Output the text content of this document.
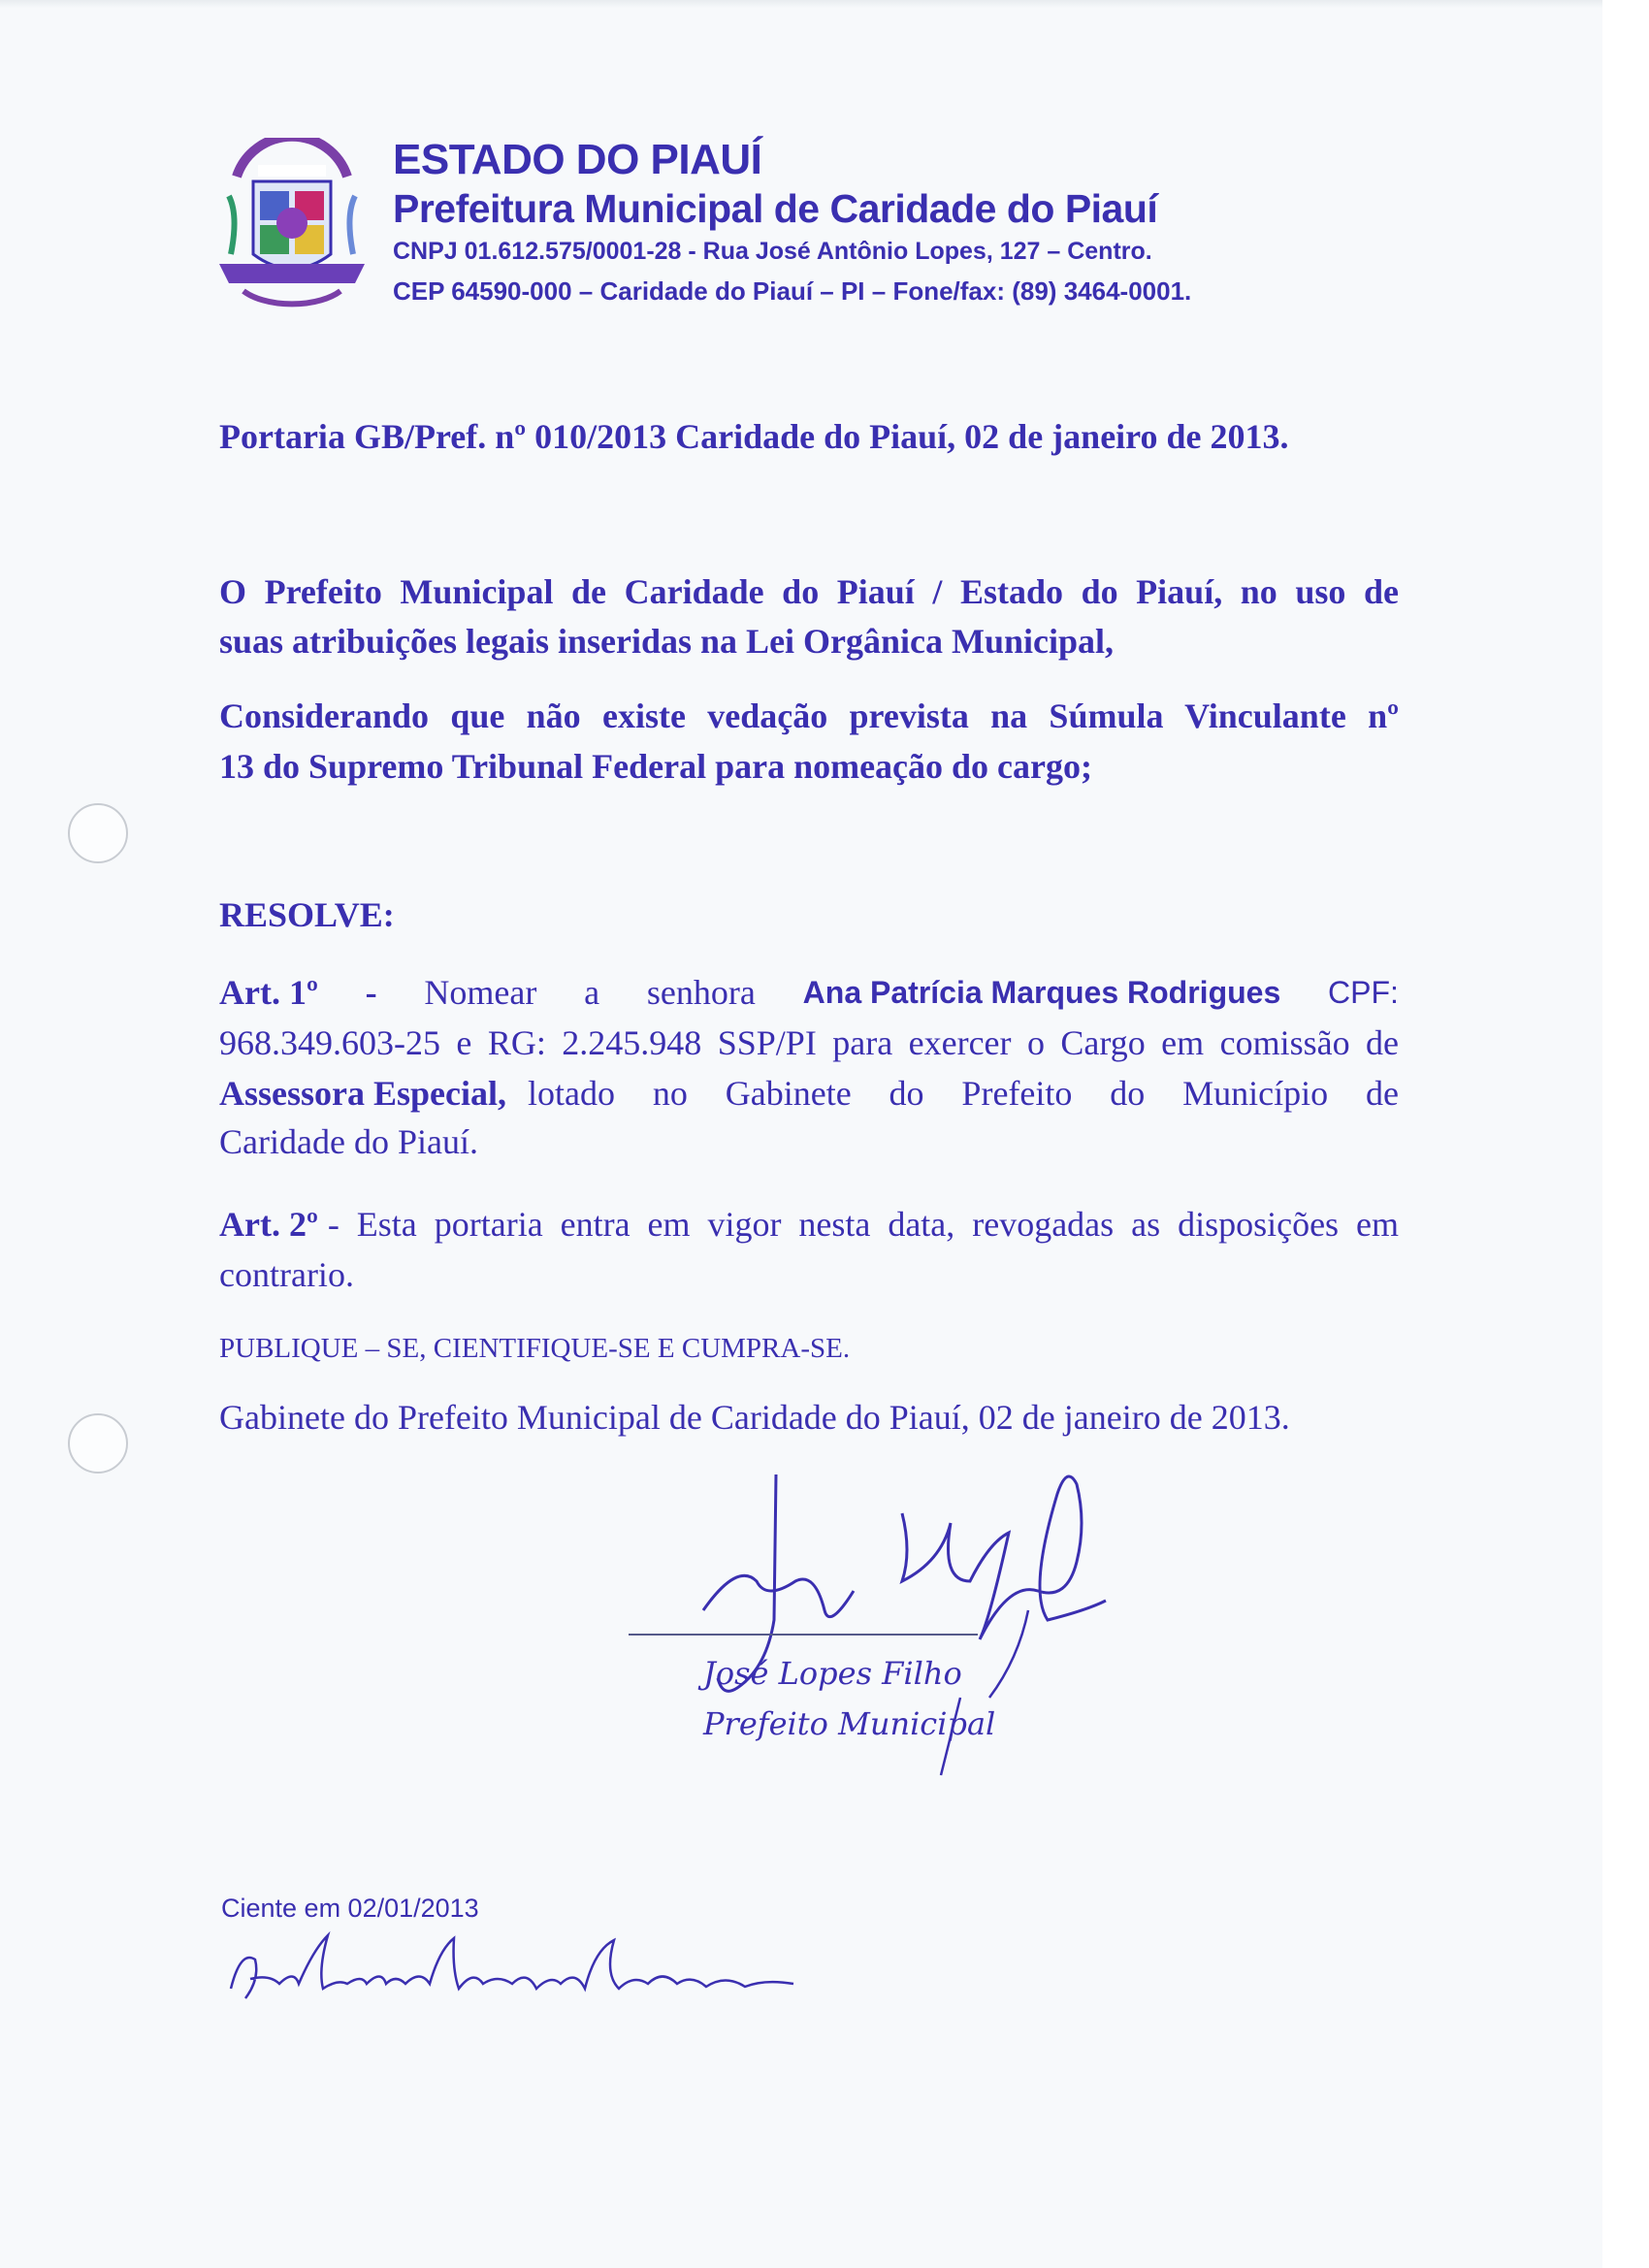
ESTADO DO PIAUÍ
Prefeitura Municipal de Caridade do Piauí
CNPJ 01.612.575/0001-28 - Rua José Antônio Lopes, 127 – Centro.
CEP 64590-000 – Caridade do Piauí – PI – Fone/fax: (89) 3464-0001.
Portaria GB/Pref. nº 010/2013 Caridade do Piauí, 02 de janeiro de 2013.
O Prefeito Municipal de Caridade do Piauí / Estado do Piauí, no uso de
suas atribuições legais inseridas na Lei Orgânica Municipal,
Considerando que não existe vedação prevista na Súmula Vinculante nº
13 do Supremo Tribunal Federal para nomeação do cargo;
RESOLVE:
Art. 1º - Nomear a senhora Ana Patrícia Marques Rodrigues CPF:
968.349.603-25 e RG: 2.245.948 SSP/PI para exercer o Cargo em comissão de
Assessora Especial, lotado no Gabinete do Prefeito do Município de
Caridade do Piauí.
Art. 2º - Esta portaria entra em vigor nesta data, revogadas as disposições em
contrario.
PUBLIQUE – SE, CIENTIFIQUE-SE E CUMPRA-SE.
Gabinete do Prefeito Municipal de Caridade do Piauí, 02 de janeiro de 2013.
José Lopes Filho
Prefeito Municipal
Ciente em 02/01/2013
